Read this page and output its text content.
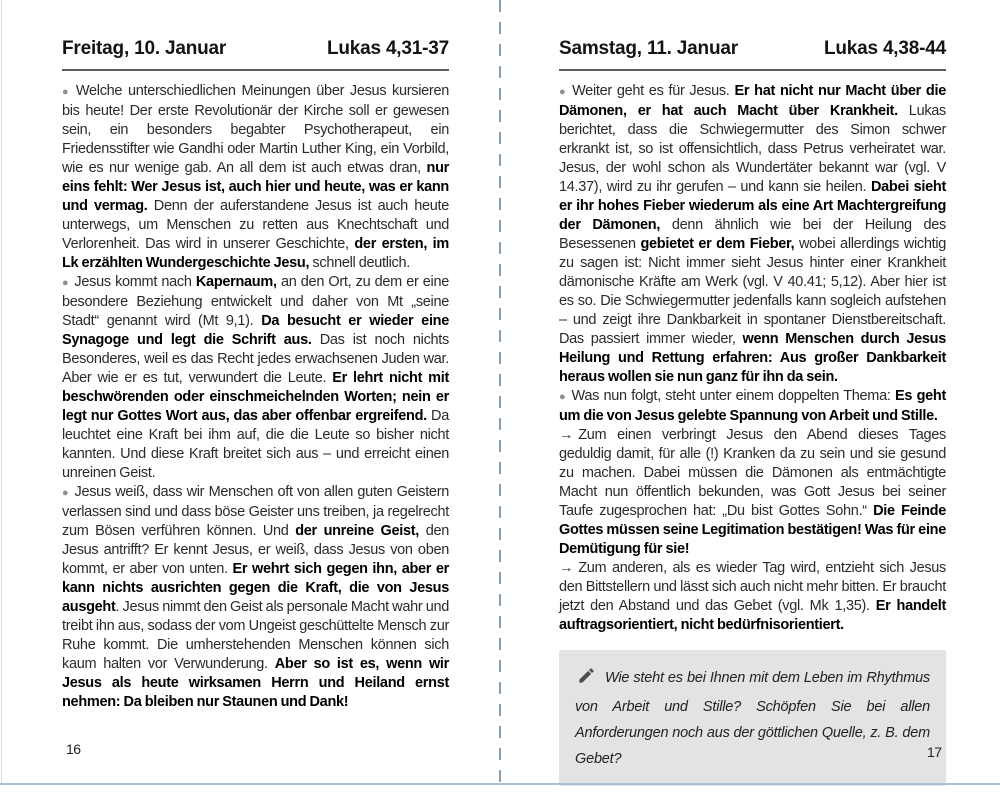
Freitag, 10. Januar	Lukas 4,31-37

● Welche unterschiedlichen Meinungen über Jesus kursieren bis heute! Der erste Revolutionär der Kirche soll er gewesen sein, ein besonders begabter Psychotherapeut, ein Friedensstifter wie Gandhi oder Martin Luther King, ein Vorbild, wie es nur wenige gab. An all dem ist auch etwas dran, nur eins fehlt: Wer Jesus ist, auch hier und heute, was er kann und vermag. Denn der auferstandene Jesus ist auch heute unterwegs, um Menschen zu retten aus Knechtschaft und Verlorenheit. Das wird in unserer Geschichte, der ersten, im Lk erzählten Wundergeschichte Jesu, schnell deutlich.

● Jesus kommt nach Kapernaum, an den Ort, zu dem er eine besondere Beziehung entwickelt und daher von Mt „seine Stadt“ genannt wird (Mt 9,1). Da besucht er wieder eine Synagoge und legt die Schrift aus. Das ist noch nichts Besonderes, weil es das Recht jedes erwachsenen Juden war. Aber wie er es tut, verwundert die Leute. Er lehrt nicht mit beschwörenden oder einschmeichelnden Worten; nein er legt nur Gottes Wort aus, das aber offenbar ergreifend. Da leuchtet eine Kraft bei ihm auf, die die Leute so bisher nicht kannten. Und diese Kraft breitet sich aus – und erreicht einen unreinen Geist.

● Jesus weiß, dass wir Menschen oft von allen guten Geistern verlassen sind und dass böse Geister uns treiben, ja regelrecht zum Bösen verführen können. Und der unreine Geist, den Jesus antrifft? Er kennt Jesus, er weiß, dass Jesus von oben kommt, er aber von unten. Er wehrt sich gegen ihn, aber er kann nichts ausrichten gegen die Kraft, die von Jesus ausgeht. Jesus nimmt den Geist als personale Macht wahr und treibt ihn aus, sodass der vom Ungeist geschüttelte Mensch zur Ruhe kommt. Die umherstehenden Menschen können sich kaum halten vor Verwunderung. Aber so ist es, wenn wir Jesus als heute wirksamen Herrn und Heiland ernst nehmen: Da bleiben nur Staunen und Dank!

Samstag, 11. Januar	Lukas 4,38-44

● Weiter geht es für Jesus. Er hat nicht nur Macht über die Dämonen, er hat auch Macht über Krankheit. Lukas berichtet, dass die Schwiegermutter des Simon schwer erkrankt ist, so ist offensichtlich, dass Petrus verheiratet war. Jesus, der wohl schon als Wundertäter bekannt war (vgl. V 14.37), wird zu ihr gerufen – und kann sie heilen. Dabei sieht er ihr hohes Fieber wiederum als eine Art Machtergreifung der Dämonen, denn ähnlich wie bei der Heilung des Besessenen gebietet er dem Fieber, wobei allerdings wichtig zu sagen ist: Nicht immer sieht Jesus hinter einer Krankheit dämonische Kräfte am Werk (vgl. V 40.41; 5,12). Aber hier ist es so. Die Schwiegermutter jedenfalls kann sogleich aufstehen – und zeigt ihre Dankbarkeit in spontaner Dienstbereitschaft. Das passiert immer wieder, wenn Menschen durch Jesus Heilung und Rettung erfahren: Aus großer Dankbarkeit heraus wollen sie nun ganz für ihn da sein.

● Was nun folgt, steht unter einem doppelten Thema: Es geht um die von Jesus gelebte Spannung von Arbeit und Stille.

→ Zum einen verbringt Jesus den Abend dieses Tages geduldig damit, für alle (!) Kranken da zu sein und sie gesund zu machen. Dabei müssen die Dämonen als entmächtigte Macht nun öffentlich bekunden, was Gott Jesus bei seiner Taufe zugesprochen hat: „Du bist Gottes Sohn.“ Die Feinde Gottes müssen seine Legitimation bestätigen! Was für eine Demütigung für sie!

→ Zum anderen, als es wieder Tag wird, entzieht sich Jesus den Bittstellern und lässt sich auch nicht mehr bitten. Er braucht jetzt den Abstand und das Gebet (vgl. Mk 1,35). Er handelt auftragsorientiert, nicht bedürfnisorientiert.

Wie steht es bei Ihnen mit dem Leben im Rhythmus von Arbeit und Stille? Schöpfen Sie bei allen Anforderungen noch aus der göttlichen Quelle, z. B. dem Gebet?
16	17
